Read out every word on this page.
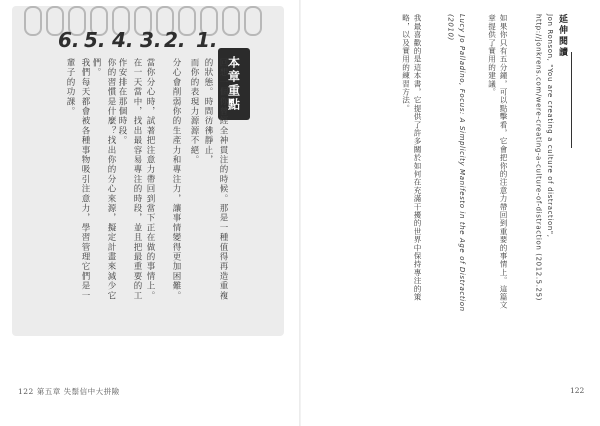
本章重點
1.
2.
3.
4.
5.
6.
回想一個你曾經全神貫注的時候。那是一種值得再造重複的狀態。時間彷彿靜止，
而你的表現力源源不絕。
分心會削弱你的生產力和專注力，讓事情變得更加困難。
當你分心時，試著把注意力帶回到當下正在做的事情上。
在一天當中，找出最容易專注的時段，並且把最重要的工作安排在那個時段。
你的習慣是什麼？找出你的分心來源，擬定計畫來減少它們。
我們每天都會被各種事物吸引注意力，學習管理它們是一輩子的功課。
122 第五章 失鬃信中大拼險
延伸閱讀
Jon Ronson, "You are creating a culture of distraction", http://jonkrens.com/were-creating-a-culture-of-distraction (2012.5.25)
如果你只有五分鐘，可以點擊看，它會把你的注意力帶回到重要的事情上。這篇文章提供了實用的建議。
Lucy Jo Palladino, Focus: A Simplicity Manifesto in the Age of Distraction (2010)
我最喜歡的是這本書，它提供了許多關於如何在充滿干擾的世界中保持專注的策略，以及實用的練習方法。
122
